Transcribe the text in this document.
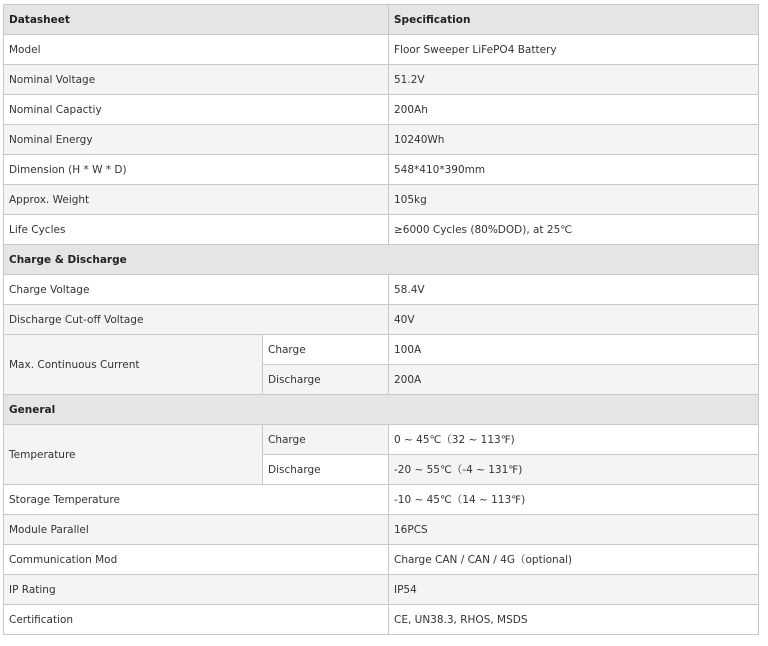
Datasheet		Specification
Model		Floor Sweeper LiFePO4 Battery
Nominal Voltage		51.2V
Nominal Capactiy		200Ah
Nominal Energy		10240Wh
Dimension (H * W * D)		548*410*390mm
Approx. Weight		105kg
Life Cycles		≥6000 Cycles (80%DOD), at 25℃
Charge & Discharge		
Charge Voltage		58.4V
Discharge Cut-off Voltage		40V
Max. Continuous Current	Charge	100A
	Discharge	200A
General		
Temperature	Charge	0 ~ 45℃（32 ~ 113℉)
	Discharge	-20 ~ 55℃（-4 ~ 131℉)
Storage Temperature		-10 ~ 45℃（14 ~ 113℉)
Module Parallel		16PCS
Communication Mod		Charge CAN / CAN / 4G（optional)
IP Rating		IP54
Certification		CE, UN38.3, RHOS, MSDS
